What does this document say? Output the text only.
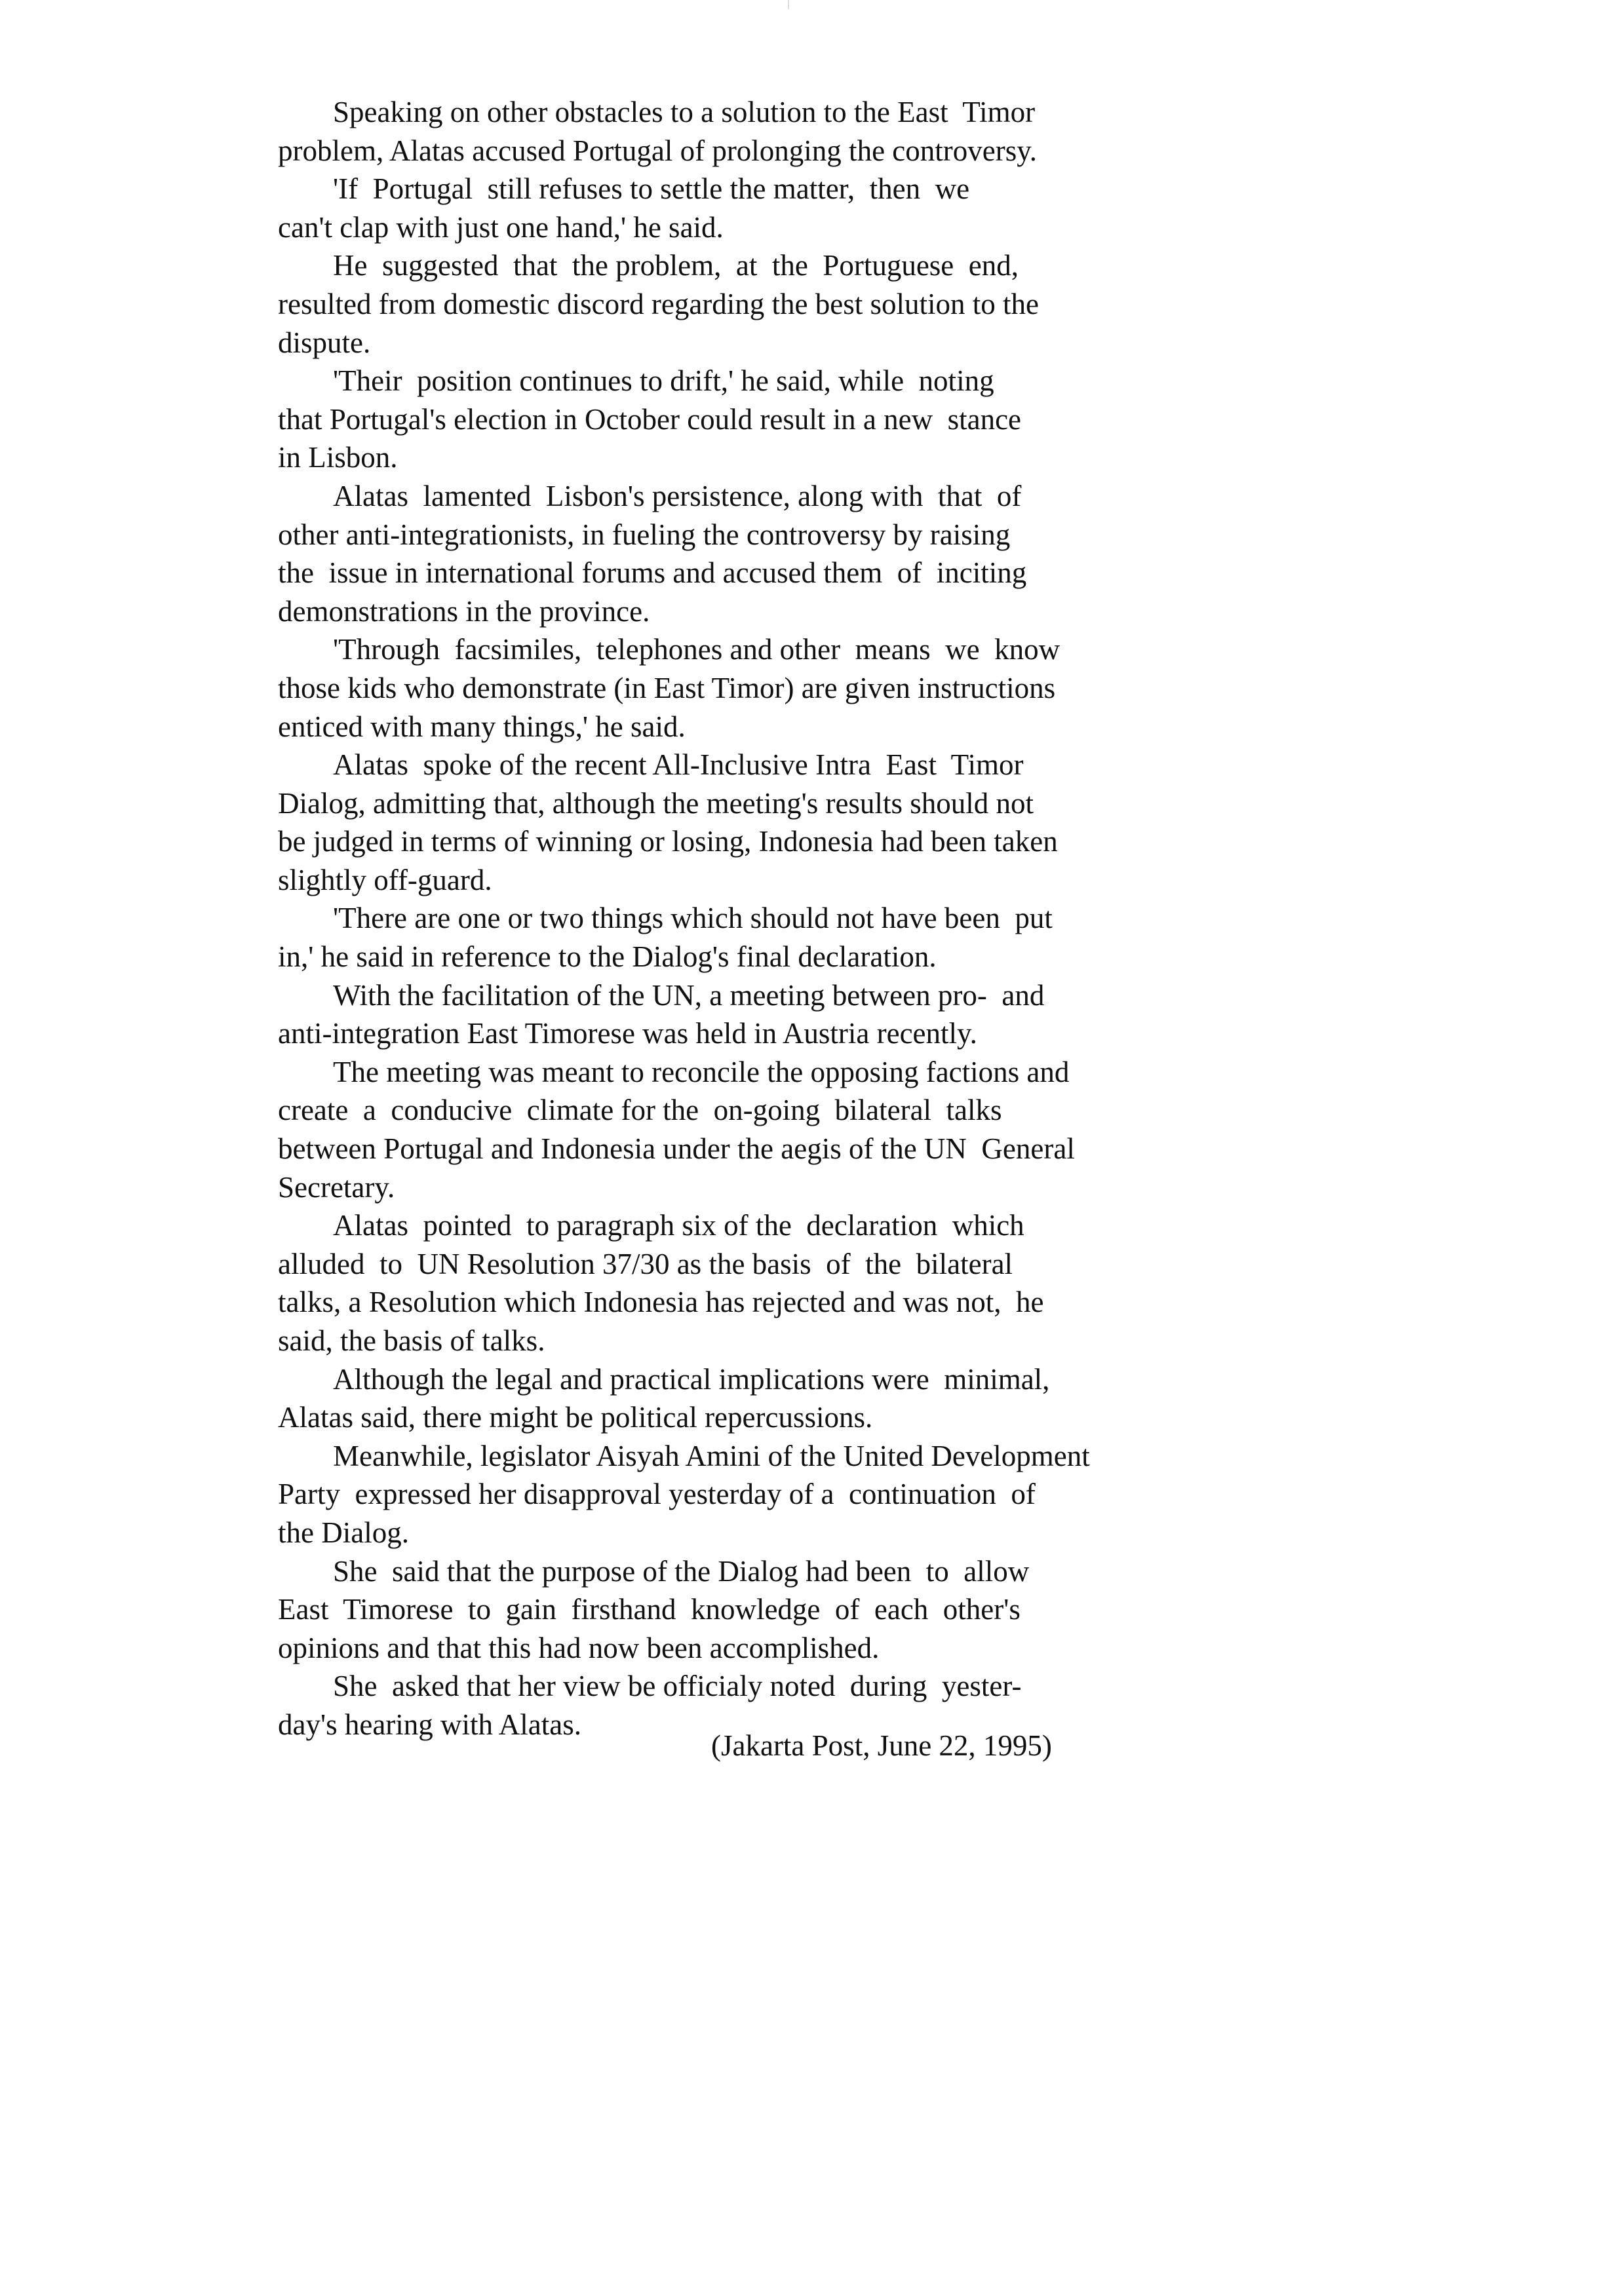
Speaking on other obstacles to a solution to the East  Timor
problem, Alatas accused Portugal of prolonging the controversy.

'If  Portugal  still refuses to settle the matter,  then  we
can't clap with just one hand,' he said.

He  suggested  that  the problem,  at  the  Portuguese  end,
resulted from domestic discord regarding the best solution to the
dispute.

'Their  position continues to drift,' he said, while  noting
that Portugal's election in October could result in a new  stance
in Lisbon.

Alatas  lamented  Lisbon's persistence, along with  that  of
other anti-integrationists, in fueling the controversy by raising
the  issue in international forums and accused them  of  inciting
demonstrations in the province.

'Through  facsimiles,  telephones and other  means  we  know
those kids who demonstrate (in East Timor) are given instructions
enticed with many things,' he said.

Alatas  spoke of the recent All-Inclusive Intra  East  Timor
Dialog, admitting that, although the meeting's results should not
be judged in terms of winning or losing, Indonesia had been taken
slightly off-guard.

'There are one or two things which should not have been  put
in,' he said in reference to the Dialog's final declaration.

With the facilitation of the UN, a meeting between pro-  and
anti-integration East Timorese was held in Austria recently.

The meeting was meant to reconcile the opposing factions and
create  a  conducive  climate for the  on-going  bilateral  talks
between Portugal and Indonesia under the aegis of the UN  General
Secretary.

Alatas  pointed  to paragraph six of the  declaration  which
alluded  to  UN Resolution 37/30 as the basis  of  the  bilateral
talks, a Resolution which Indonesia has rejected and was not,  he
said, the basis of talks.

Although the legal and practical implications were  minimal,
Alatas said, there might be political repercussions.

Meanwhile, legislator Aisyah Amini of the United Development
Party  expressed her disapproval yesterday of a  continuation  of
the Dialog.

She  said that the purpose of the Dialog had been  to  allow
East  Timorese  to  gain  firsthand  knowledge  of  each  other's
opinions and that this had now been accomplished.

She  asked that her view be officialy noted  during  yester-
day's hearing with Alatas.

(Jakarta Post, June 22, 1995)
